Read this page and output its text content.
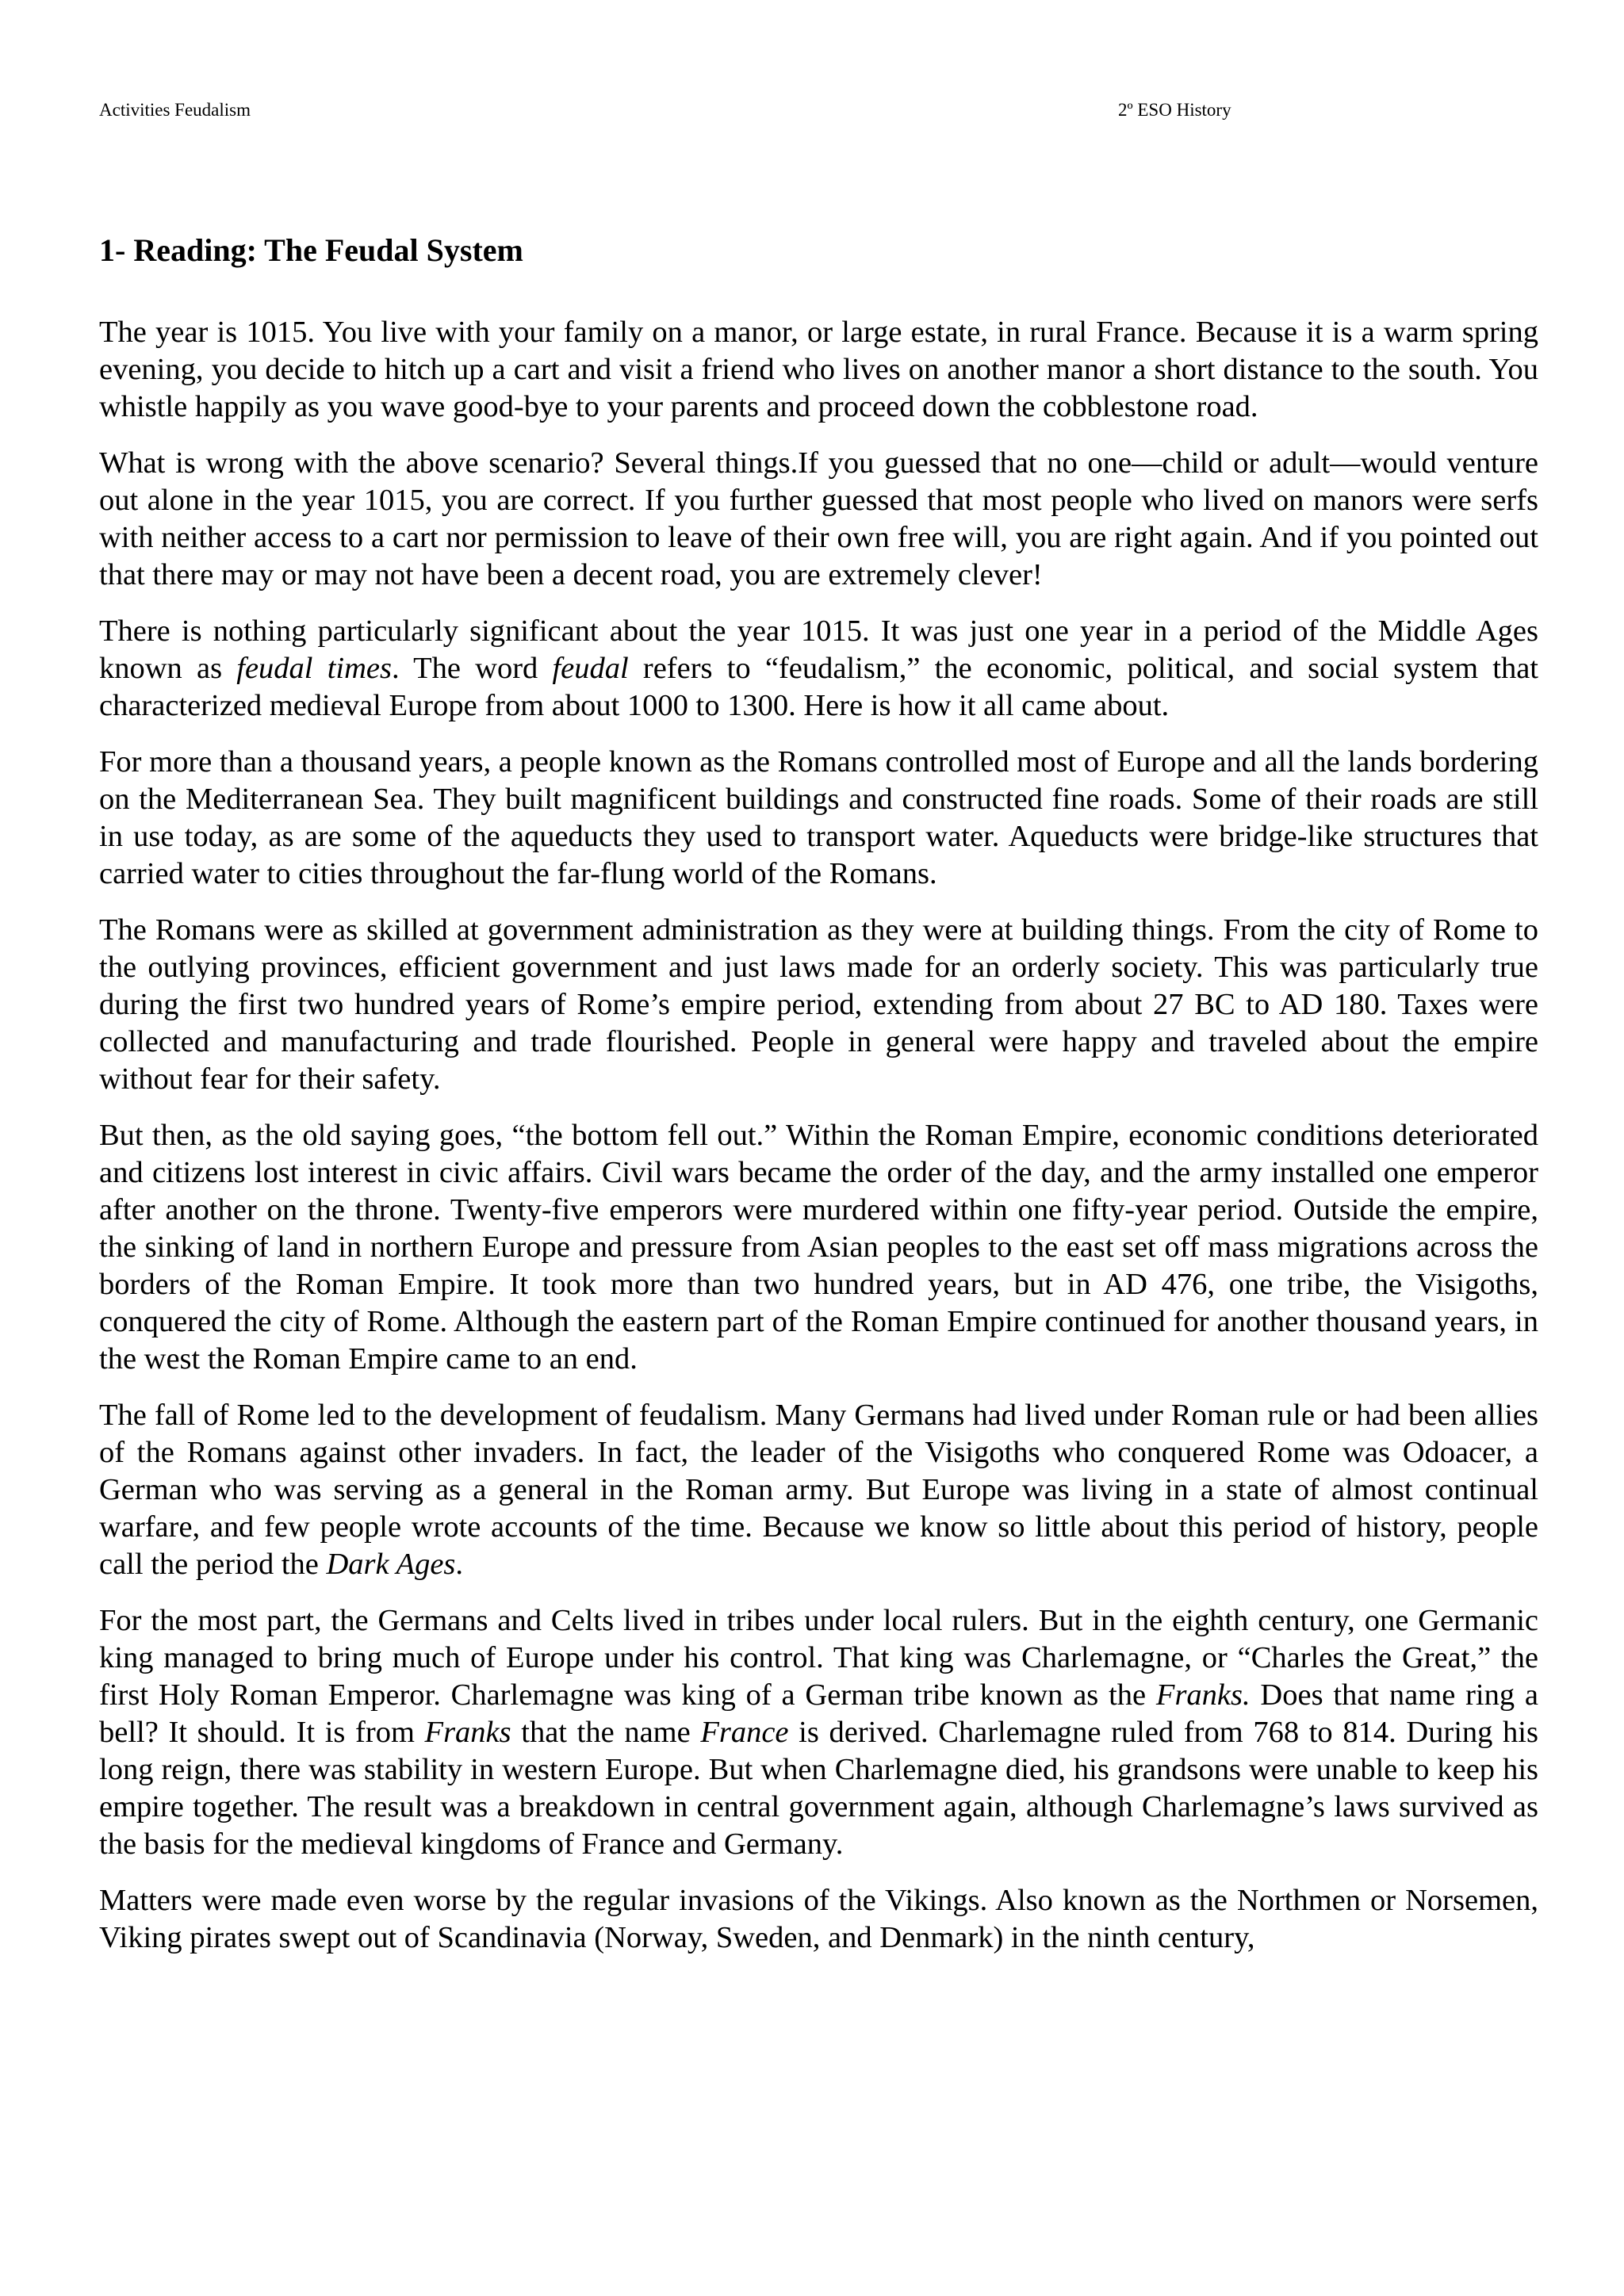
Activities Feudalism	2º ESO History
1- Reading: The Feudal System

The year is 1015. You live with your family on a manor, or large estate, in rural France. Because it is a warm spring evening, you decide to hitch up a cart and visit a friend who lives on another manor a short distance to the south. You whistle happily as you wave good-bye to your parents and proceed down the cobblestone road.

What is wrong with the above scenario? Several things.If you guessed that no one—child or adult—would venture out alone in the year 1015, you are correct. If you further guessed that most people who lived on manors were serfs with neither access to a cart nor permission to leave of their own free will, you are right again. And if you pointed out that there may or may not have been a decent road, you are extremely clever!

There is nothing particularly significant about the year 1015. It was just one year in a period of the Middle Ages known as feudal times. The word feudal refers to “feudalism,” the economic, political, and social system that characterized medieval Europe from about 1000 to 1300. Here is how it all came about.

For more than a thousand years, a people known as the Romans controlled most of Europe and all the lands bordering on the Mediterranean Sea. They built magnificent buildings and constructed fine roads. Some of their roads are still in use today, as are some of the aqueducts they used to transport water. Aqueducts were bridge-like structures that carried water to cities throughout the far-flung world of the Romans.

The Romans were as skilled at government administration as they were at building things. From the city of Rome to the outlying provinces, efficient government and just laws made for an orderly society. This was particularly true during the first two hundred years of Rome’s empire period, extending from about 27 BC to AD 180. Taxes were collected and manufacturing and trade flourished. People in general were happy and traveled about the empire without fear for their safety.

But then, as the old saying goes, “the bottom fell out.” Within the Roman Empire, economic conditions deteriorated and citizens lost interest in civic affairs. Civil wars became the order of the day, and the army installed one emperor after another on the throne. Twenty-five emperors were murdered within one fifty-year period. Outside the empire, the sinking of land in northern Europe and pressure from Asian peoples to the east set off mass migrations across the borders of the Roman Empire. It took more than two hundred years, but in AD 476, one tribe, the Visigoths, conquered the city of Rome. Although the eastern part of the Roman Empire continued for another thousand years, in the west the Roman Empire came to an end.

The fall of Rome led to the development of feudalism. Many Germans had lived under Roman rule or had been allies of the Romans against other invaders. In fact, the leader of the Visigoths who conquered Rome was Odoacer, a German who was serving as a general in the Roman army. But Europe was living in a state of almost continual warfare, and few people wrote accounts of the time. Because we know so little about this period of history, people call the period the Dark Ages.

For the most part, the Germans and Celts lived in tribes under local rulers. But in the eighth century, one Germanic king managed to bring much of Europe under his control. That king was Charlemagne, or “Charles the Great,” the first Holy Roman Emperor. Charlemagne was king of a German tribe known as the Franks. Does that name ring a bell? It should. It is from Franks that the name France is derived. Charlemagne ruled from 768 to 814. During his long reign, there was stability in western Europe. But when Charlemagne died, his grandsons were unable to keep his empire together. The result was a breakdown in central government again, although Charlemagne’s laws survived as the basis for the medieval kingdoms of France and Germany.

Matters were made even worse by the regular invasions of the Vikings. Also known as the Northmen or Norsemen, Viking pirates swept out of Scandinavia (Norway, Sweden, and Denmark) in the ninth century,
